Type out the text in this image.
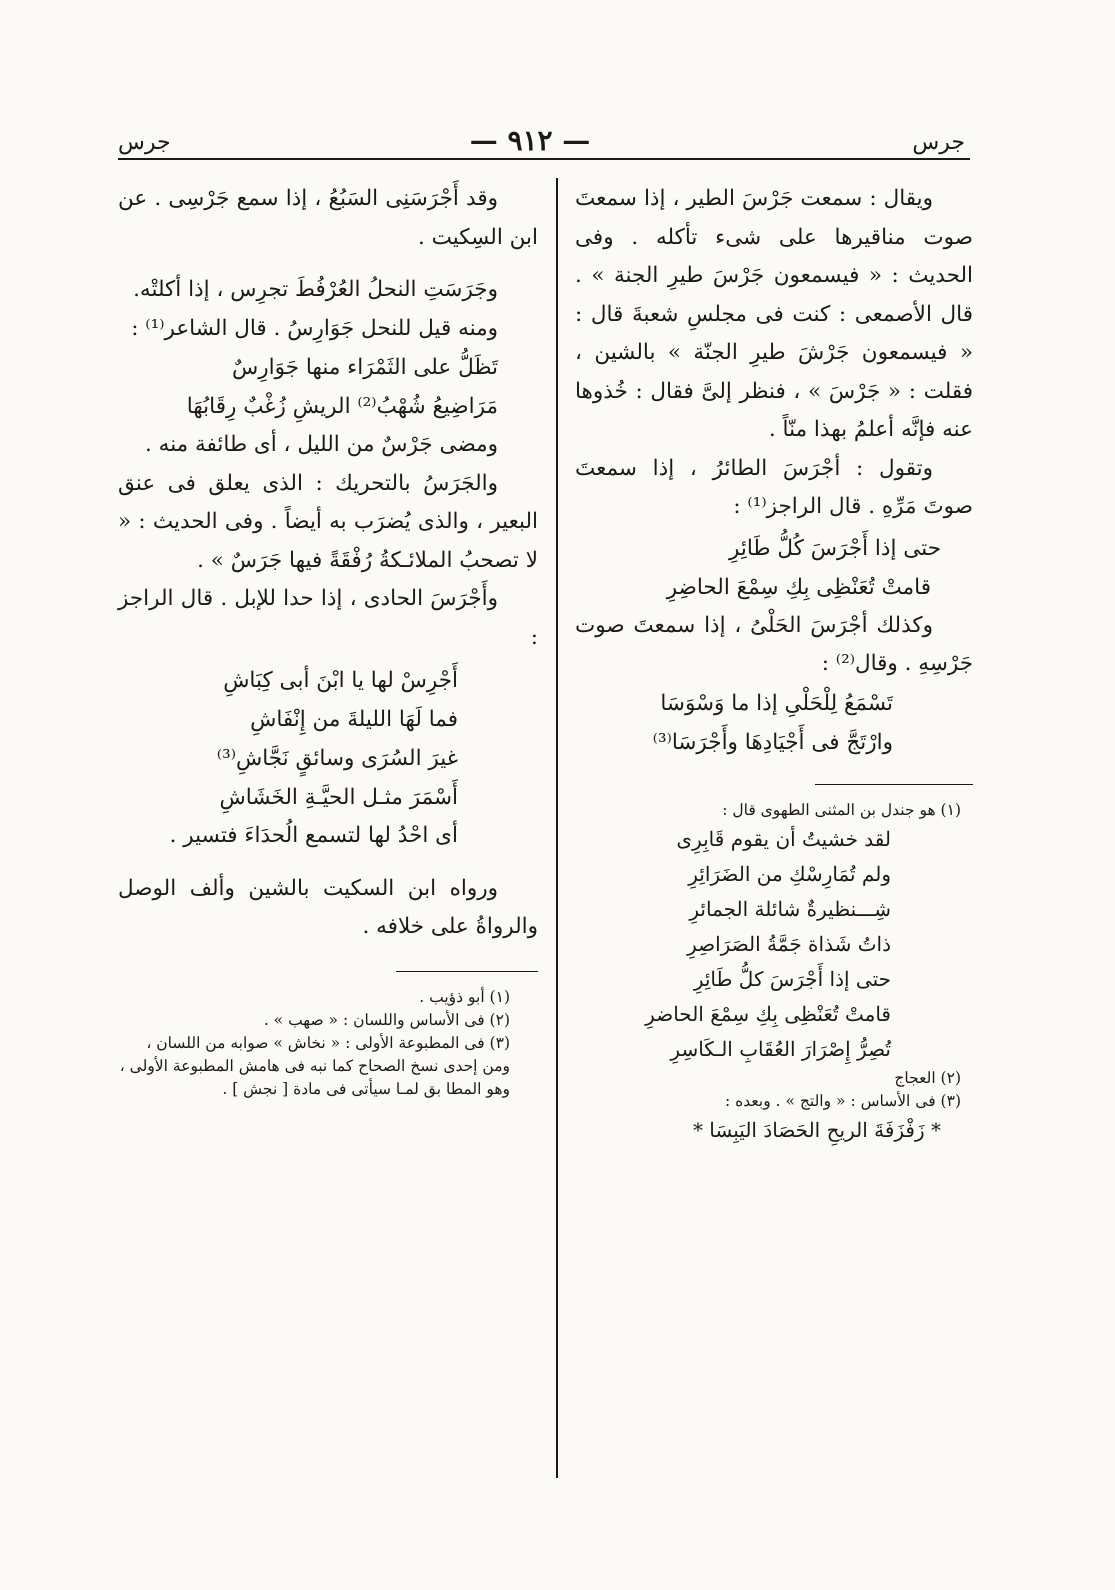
جرس
— ٩١٢ —
جرس

ويقال : سمعت جَرْسَ الطير ، إذا سمعتَ صوت مناقيرها على شىء تأكله . وفى الحديث : « فيسمعون جَرْسَ طيرِ الجنة » . قال الأصمعى : كنت فى مجلسِ شعبةَ قال : « فيسمعون جَرْشَ طيرِ الجنّة » بالشين ، فقلت : « جَرْسَ » ، فنظر إلىَّ فقال : خُذوها عنه فإنَّه أعلمُ بهذا منّاً .

وتقول : أجْرَسَ الطائرُ ، إذا سمعتَ صوتَ مَرِّهِ . قال الراجز⁽¹⁾ :

حتى إذا أَجْرَسَ كُلُّ طَائِرِ

قامتْ تُعَنْظِى بِكِ سِمْعَ الحاضِرِ

وكذلك أجْرَسَ الحَلْىُ ، إذا سمعتَ صوت جَرْسِهِ . وقال⁽²⁾ :

تَسْمَعُ لِلْحَلْىِ إذا ما وَسْوَسَا

وارْتَجَّ فى أَجْيَادِهَا وأَجْرَسَا⁽³⁾

(١) هو جندل بن المثنى الطهوى قال :

لقد خشيتُ أن يقوم قَابِرِى

ولم تُمَارِسْكِ من الضَرَائِرِ

شِـــنظيرةٌ شائلة الجمائرِ

ذاتُ شَذاة جَمَّةُ الصَرَاصِرِ

حتى إذا أَجْرَسَ كلُّ طَائِرِ

قامتْ تُعَنْظِى بِكِ سِمْعَ الحاضرِ

تُصِرُّ إِصْرَارَ العُقَابِ الـكَاسِرِ

(٢) العجاج

(٣) فى الأساس : « والتج » . وبعده :

* زَفْزَفَةَ الريحِ الحَصَادَ اليَبِسَا *

وقد أَجْرَسَنِى السَبُعُ ، إذا سمع جَرْسِى . عن ابن السِكيت .

وجَرَسَتِ النحلُ العُرْفُطَ تجرِس ، إذا أكلتْه.

ومنه قيل للنحل جَوَارِسُ . قال الشاعر⁽¹⁾ :

تَظَلُّ على الثَمْرَاء منها جَوَارِسٌ

مَرَاضِيعُ شُهْبُ⁽²⁾ الريشِ زُغْبٌ رِقَابُهَا

ومضى جَرْسٌ من الليل ، أى طائفة منه .

والجَرَسُ بالتحريك : الذى يعلق فى عنق البعير ، والذى يُضرَب به أيضاً . وفى الحديث : « لا تصحبُ الملائـكةُ رُفْقَةً فيها جَرَسٌ » .

وأَجْرَسَ الحادى ، إذا حدا للإبل . قال الراجز :

أَجْرِسْ لها يا ابْنَ أبى كِبَاشِ

فما لَهَا الليلةَ من إِنْفَاشِ

غيرَ السُرَى وسائقٍ نَجَّاشِ⁽³⁾

أَسْمَرَ مثـل الحيَّـةِ الخَشَاشِ

أى احْدُ لها لتسمع الُحدَاءَ فتسير .

ورواه ابن السكيت بالشين وألف الوصل والرواةُ على خلافه .

(١) أبو ذؤيب .

(٢) فى الأساس واللسان : « صهب » .

(٣) فى المطبوعة الأولى : « نخاش » صوابه من اللسان ، ومن إحدى نسخ الصحاح كما نبه فى هامش المطبوعة الأولى ، وهو المطا بق لمـا سيأتى فى مادة [ نجش ] .
